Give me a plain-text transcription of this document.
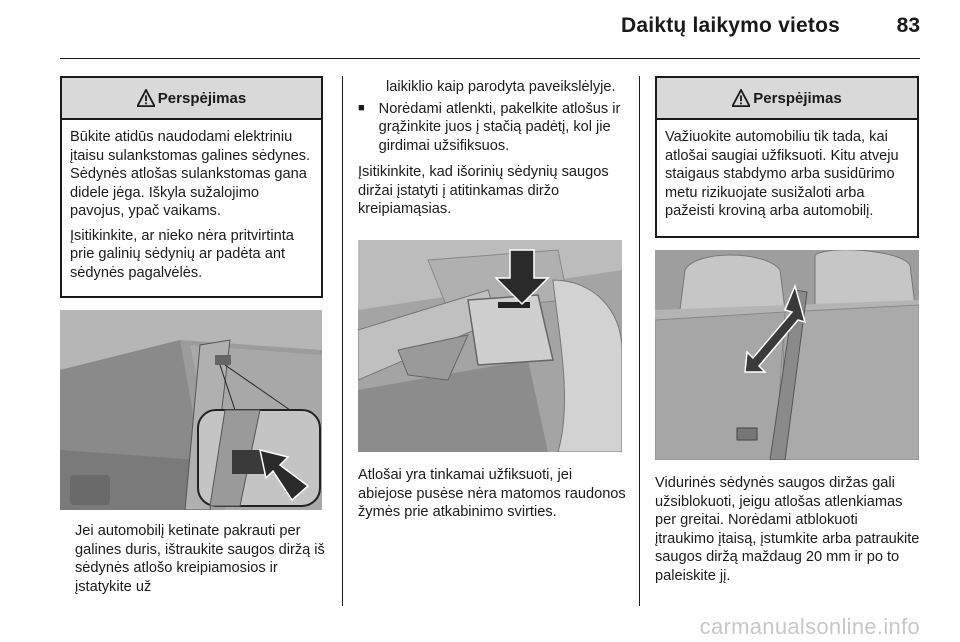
Daiktų laikymo vietos	83
Perspėjimas

Būkite atidūs naudodami elektriniu įtaisu sulankstomas galines sėdynes. Sėdynės atlošas sulankstomas gana didele jėga. Iškyla sužalojimo pavojus, ypač vaikams.

Įsitikinkite, ar nieko nėra pritvirtinta prie galinių sėdynių ar padėta ant sėdynės pagalvėlės.

Jei automobilį ketinate pakrauti per galines duris, ištraukite saugos diržą iš sėdynės atlošo kreipiamosios ir įstatykite už

laikiklio kaip parodyta paveikslėlyje.

■ Norėdami atlenkti, pakelkite atlošus ir grąžinkite juos į stačią padėtį, kol jie girdimai užsifiksuos.

Įsitikinkite, kad išorinių sėdynių saugos diržai įstatyti į atitinkamas diržo kreipiamąsias.

Atlošai yra tinkamai užfiksuoti, jei abiejose pusėse nėra matomos raudonos žymės prie atkabinimo svirties.

Perspėjimas

Važiuokite automobiliu tik tada, kai atlošai saugiai užfiksuoti. Kitu atveju staigaus stabdymo arba susidūrimo metu rizikuojate susižaloti arba pažeisti kroviną arba automobilį.

Vidurinės sėdynės saugos diržas gali užsiblokuoti, jeigu atlošas atlenkiamas per greitai. Norėdami atblokuoti įtraukimo įtaisą, įstumkite arba patraukite saugos diržą maždaug 20 mm ir po to paleiskite jį.

carmanualsonline.info
